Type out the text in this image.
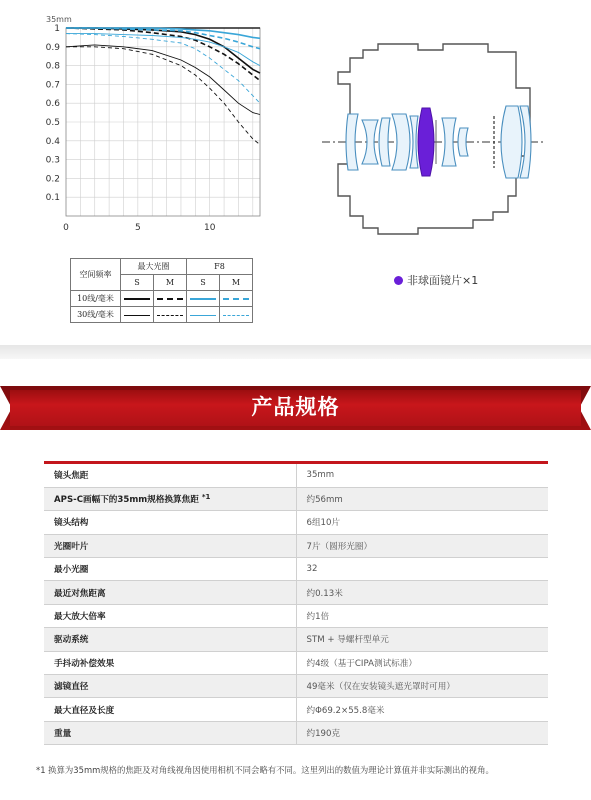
1
0.9
0.8
0.7
0.6
0.5
0.4
0.3
0.2
0.1
0	5	10
35mm
空间频率	最大光圈		F8	
	S	M	S	M
10线/毫米				
30线/毫米				
非球面镜片×1
产品规格
镜头焦距	35mm
APS-C画幅下的35mm规格换算焦距 $^{*1}$	约56mm
镜头结构	6组10片
光圈叶片	7片（圆形光圈）
最小光圈	32
最近对焦距离	约0.13米
最大放大倍率	约1倍
驱动系统	STM + 导螺杆型单元
手抖动补偿效果	约4级（基于CIPA测试标准）
滤镜直径	49毫米（仅在安装镜头遮光罩时可用）
最大直径及长度	约Φ69.2×55.8毫米
重量	约190克
*1 换算为35mm规格的焦距及对角线视角因使用相机不同会略有不同。这里列出的数值为理论计算值并非实际测出的视角。
